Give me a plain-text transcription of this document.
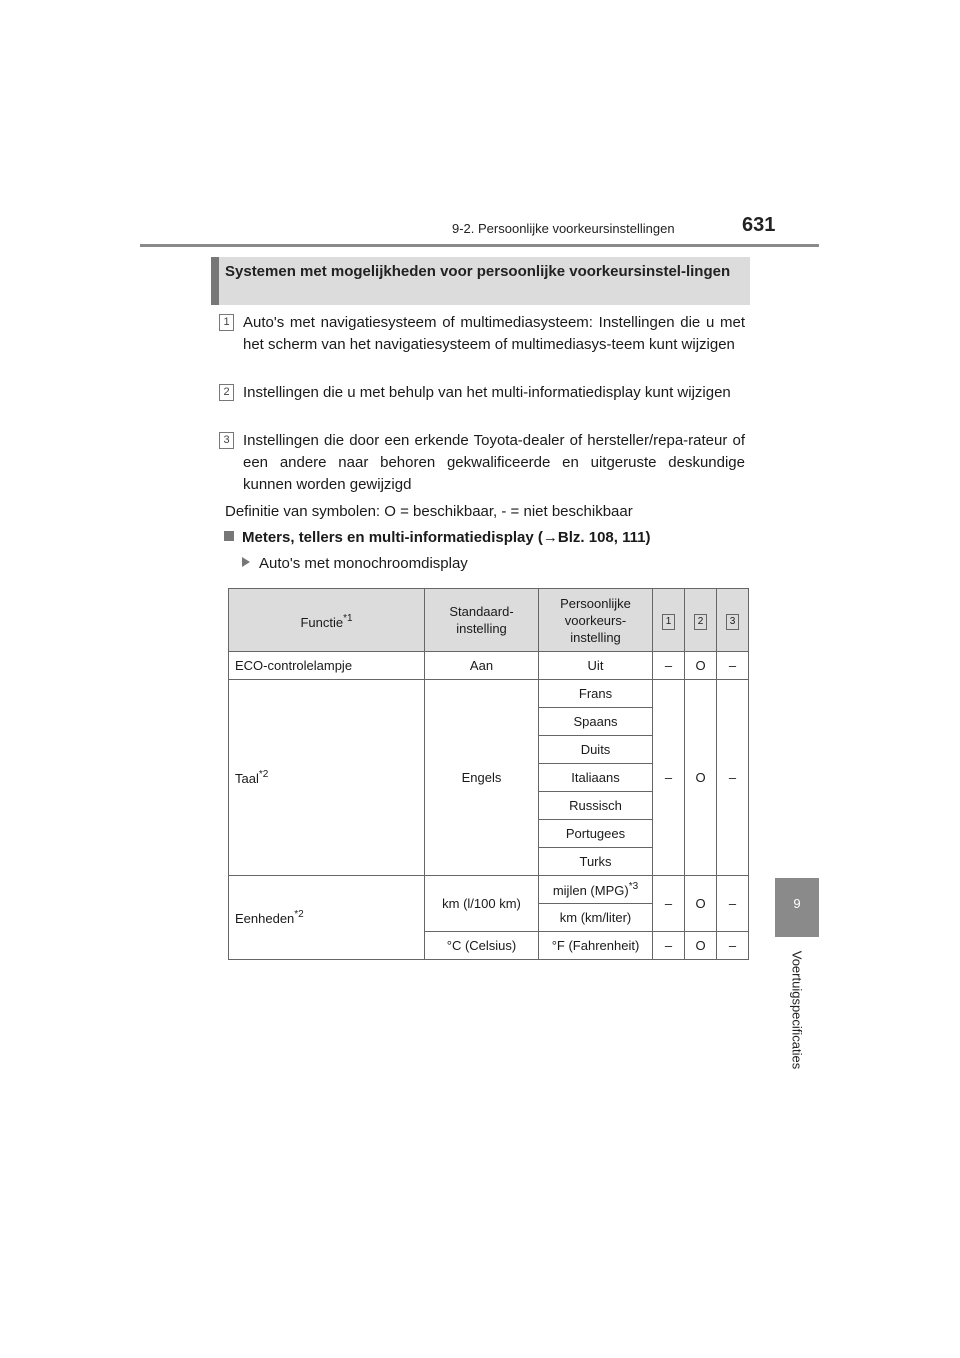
9-2. Persoonlijke voorkeursinstellingen	631
9
Voertuigspecificaties
Systemen met mogelijkheden voor persoonlijke voorkeursinstel-lingen
1 Auto's met navigatiesysteem of multimediasysteem: Instellingen die u met het scherm van het navigatiesysteem of multimediasys-teem kunt wijzigen
2 Instellingen die u met behulp van het multi-informatiedisplay kunt wijzigen
3 Instellingen die door een erkende Toyota-dealer of hersteller/repa-rateur of een andere naar behoren gekwalificeerde en uitgeruste deskundige kunnen worden gewijzigd
Definitie van symbolen: O = beschikbaar, - = niet beschikbaar
Meters, tellers en multi-informatiedisplay (→Blz. 108, 111)
Auto's met monochroomdisplay
Functie$^{*1}$	Standaard-instelling	Persoonlijke voorkeurs-instelling	1	2	3
ECO-controlelampje	Aan	Uit	–	O	–
Taal$^{*2}$	Engels	Frans	–	O	–
		Spaans			
		Duits			
		Italiaans			
		Russisch			
		Portugees			
		Turks			
Eenheden$^{*2}$	km (l/100 km)	mijlen (MPG)$^{*3}$	–	O	–
		km (km/liter)			
	°C (Celsius)	°F (Fahrenheit)	–	O	–
